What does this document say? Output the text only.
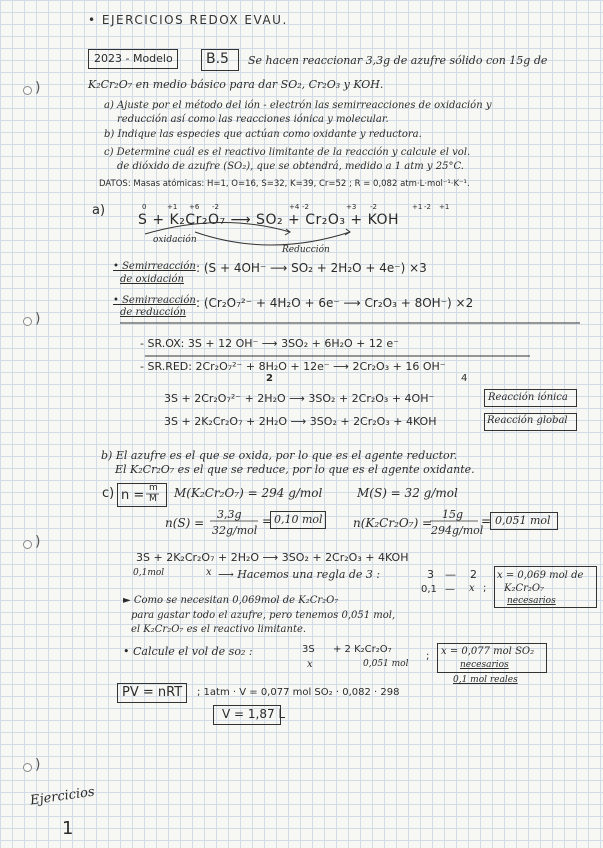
)
)
)
)
• EJERCICIOS REDOX EVAU.
2023 - Modelo B.5 Se hacen reaccionar 3,3g de azufre sólido con 15g de
K₂Cr₂O₇ en medio básico para dar SO₂, Cr₂O₃ y KOH.
a) Ajuste por el método del ión - electrón las semirreacciones de oxidación y
reducción así como las reacciones iónica y molecular.
b) Indique las especies que actúan como oxidante y reductora.
c) Determine cuál es el reactivo limitante de la reacción y calcule el vol.
de dióxido de azufre (SO₂), que se obtendrá, medido a 1 atm y 25°C.
DATOS: Masas atómicas: H=1, O=16, S=32, K=39, Cr=52 ; R = 0,082 atm·L·mol⁻¹·K⁻¹.
a)	0	+1 +6 -2	+4 -2	+3 -2	+1 -2 +1
S + K₂Cr₂O₇ ⟶ SO₂ + Cr₂O₃ + KOH
oxidación
Reducción
• Semirreacción
de oxidación
: (S + 4OH⁻ ⟶ SO₂ + 2H₂O + 4e⁻) ×3
• Semirreacción
de reducción
: (Cr₂O₇²⁻ + 4H₂O + 6e⁻ ⟶ Cr₂O₃ + 8OH⁻) ×2
- SR.OX: 3S + 12 OH⁻ ⟶ 3SO₂ + 6H₂O + 12 e⁻
- SR.RED: 2Cr₂O₇²⁻ + 8H₂O + 12e⁻ ⟶ 2Cr₂O₃ + 16 OH⁻
2	4
3S + 2Cr₂O₇²⁻ + 2H₂O ⟶ 3SO₂ + 2Cr₂O₃ + 4OH⁻	Reacción iónica
3S + 2K₂Cr₂O₇ + 2H₂O ⟶ 3SO₂ + 2Cr₂O₃ + 4KOH	Reacción global
b) El azufre es el que se oxida, por lo que es el agente reductor.
El K₂Cr₂O₇ es el que se reduce, por lo que es el agente oxidante.
c) n = m
M M(K₂Cr₂O₇) = 294 g/mol	M(S) = 32 g/mol
n(S) =
3,3g
32g/mol
= 0,10 mol	n(K₂Cr₂O₇) =
15g
294g/mol
= 0,051 mol
3S + 2K₂Cr₂O₇ + 2H₂O ⟶ 3SO₂ + 2Cr₂O₃ + 4KOH
0,1mol	x ⟶ Hacemos una regla de 3 :	3 — 2
0,1 — x ;
x = 0,069 mol de
K₂Cr₂O₇
necesarios
► Como se necesitan 0,069mol de K₂Cr₂O₇
para gastar todo el azufre, pero tenemos 0,051 mol,
el K₂Cr₂O₇ es el reactivo limitante.
• Calcule el vol de so₂ :	3S
x
+ 2 K₂Cr₂O₇
0,051 mol
; x = 0,077 mol SO₂
necesarios
0,1 mol reales
PV = nRT ; 1atm · V = 0,077 mol SO₂ · 0,082 · 298
V = 1,87 L
Ejercicios
1
